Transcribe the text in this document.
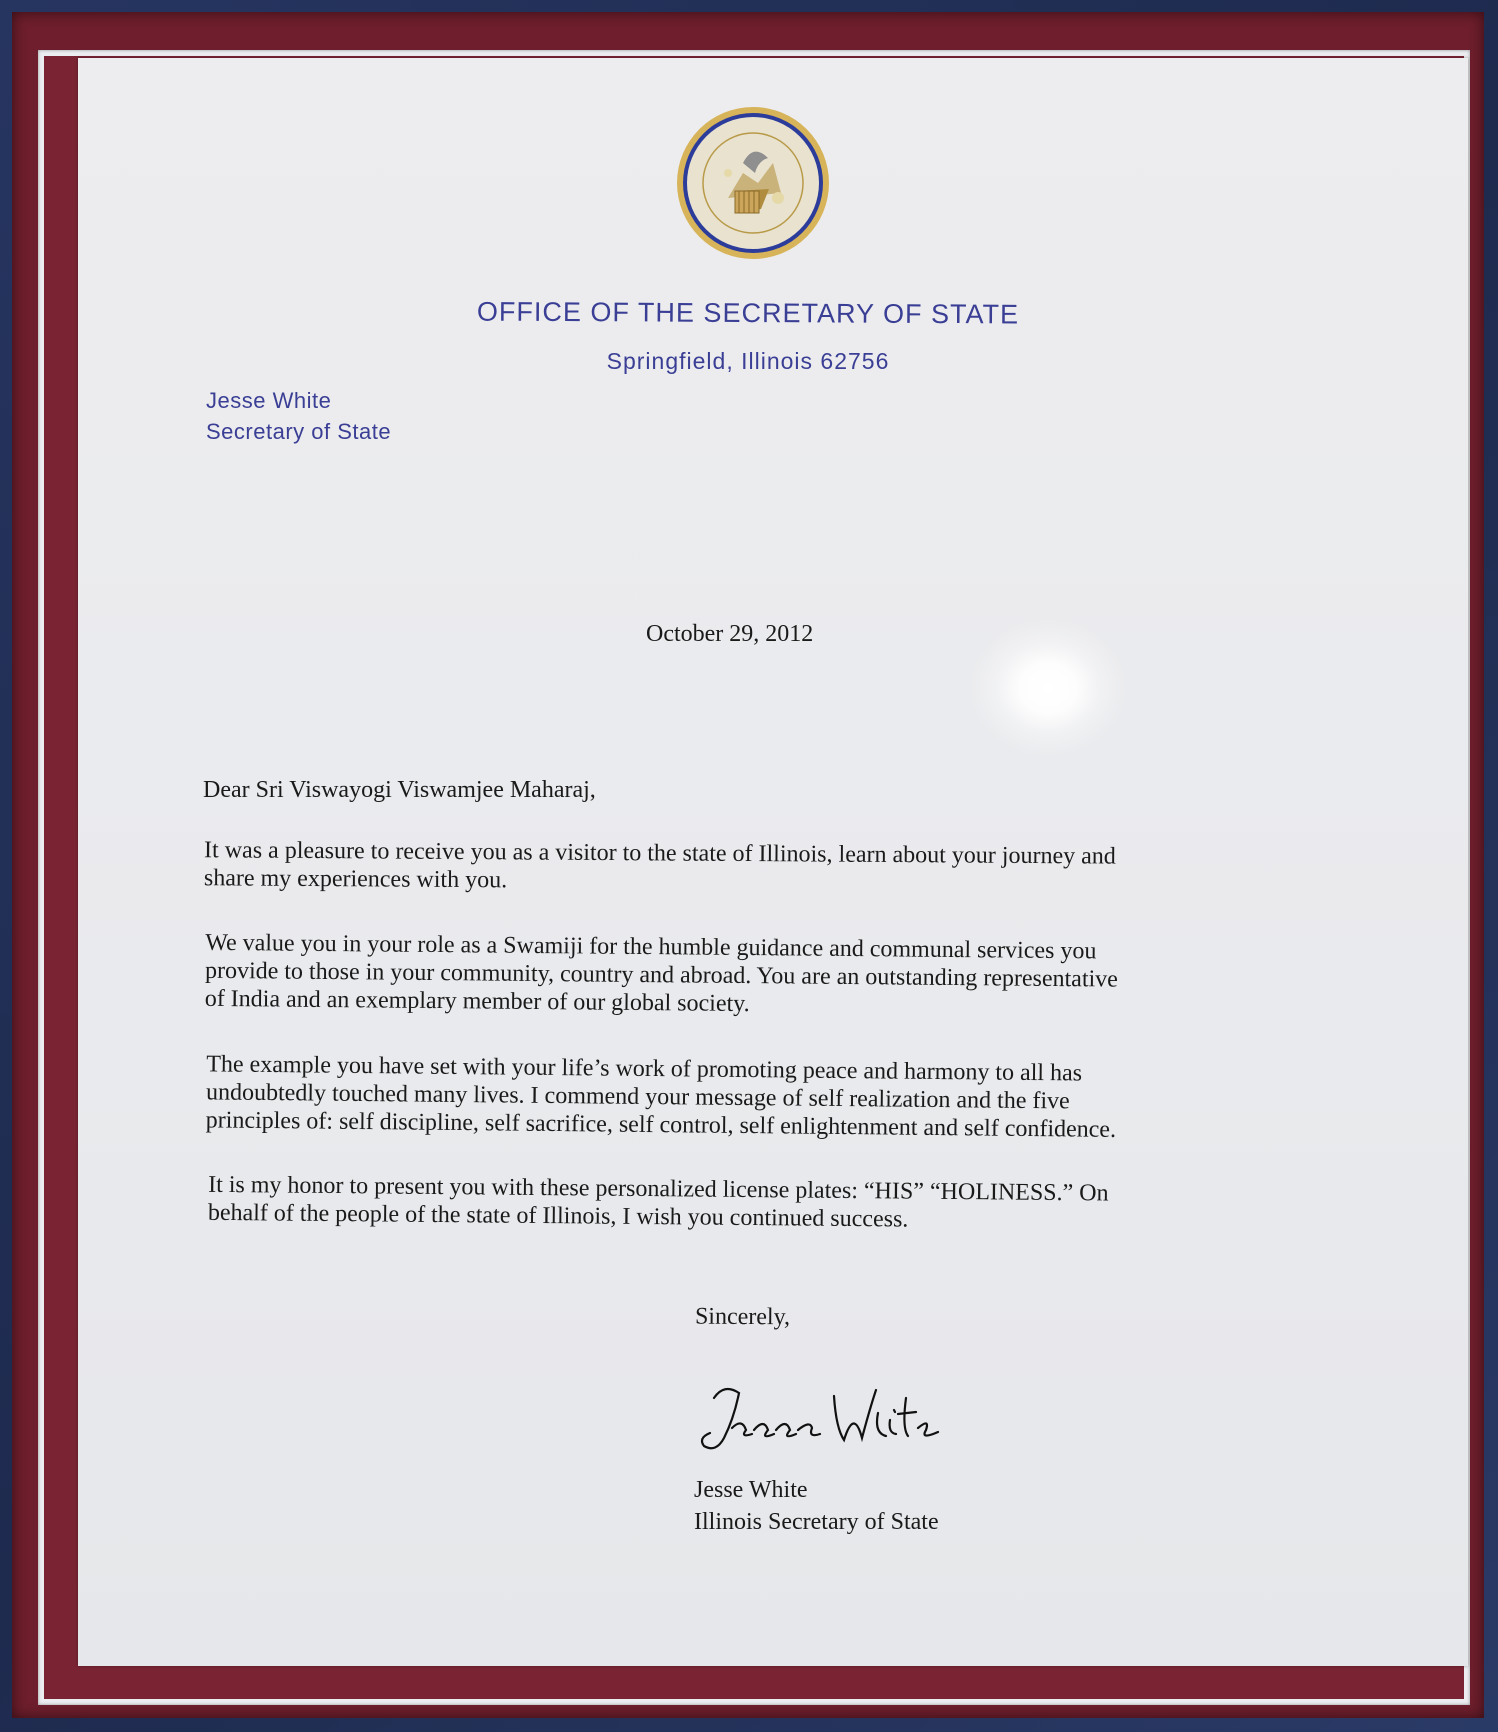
OFFICE OF THE SECRETARY OF STATE
Springfield, Illinois 62756
Jesse White
Secretary of State
October 29, 2012
Dear Sri Viswayogi Viswamjee Maharaj,
It was a pleasure to receive you as a visitor to the state of Illinois, learn about your journey and
share my experiences with you.
We value you in your role as a Swamiji for the humble guidance and communal services you
provide to those in your community, country and abroad. You are an outstanding representative
of India and an exemplary member of our global society.
The example you have set with your life’s work of promoting peace and harmony to all has
undoubtedly touched many lives. I commend your message of self realization and the five
principles of: self discipline, self sacrifice, self control, self enlightenment and self confidence.
It is my honor to present you with these personalized license plates: “HIS” “HOLINESS.” On
behalf of the people of the state of Illinois, I wish you continued success.
Sincerely,
Jesse White
Illinois Secretary of State
